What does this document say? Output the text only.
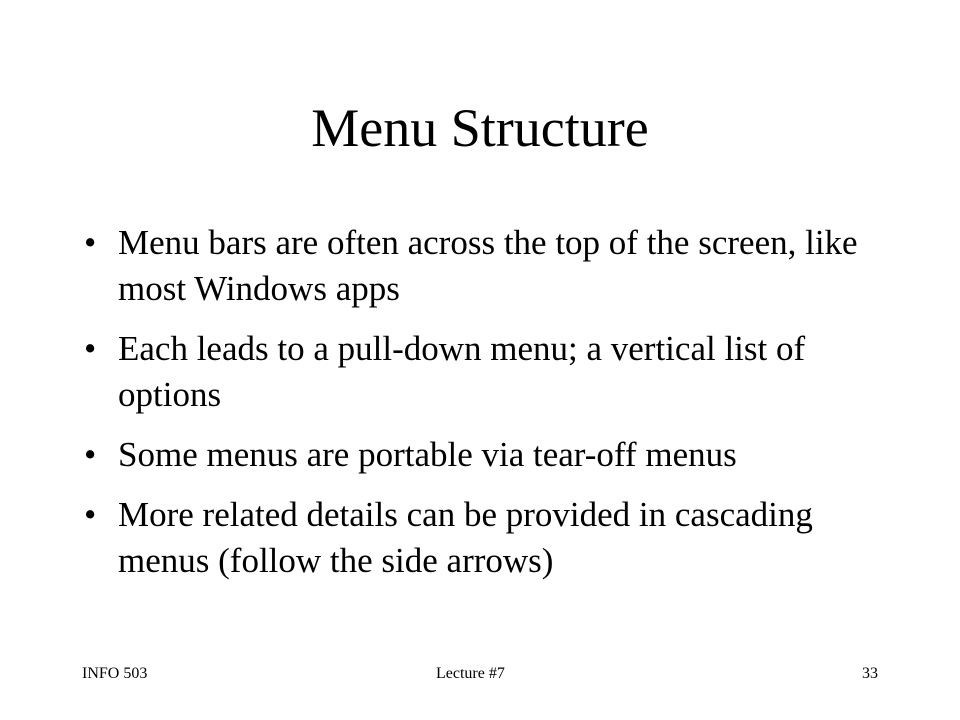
Menu Structure
• Menu bars are often across the top of the screen, like most Windows apps
• Each leads to a pull-down menu; a vertical list of options
• Some menus are portable via tear-off menus
• More related details can be provided in cascading menus (follow the side arrows)
INFO 503	Lecture #7	33
